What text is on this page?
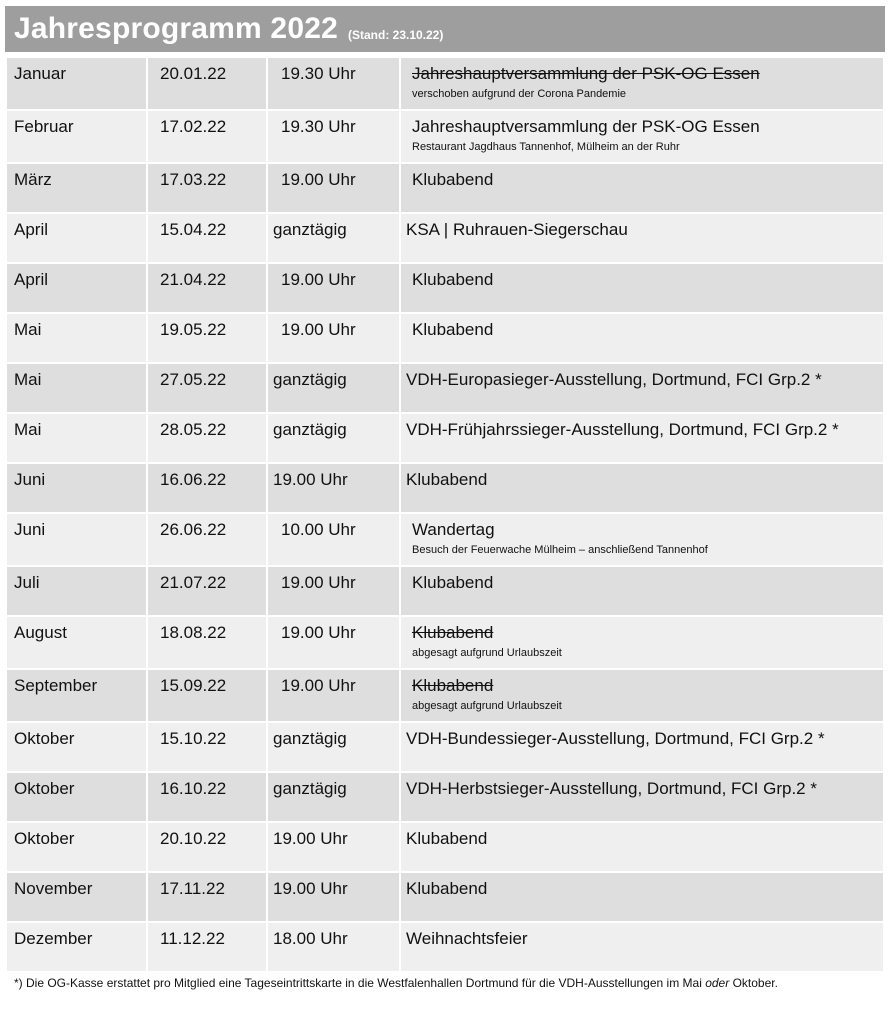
Jahresprogramm 2022 (Stand: 23.10.22)
Januar	20.01.22	19.30 Uhr	Jahreshauptversammlung der PSK-OG Essen
verschoben aufgrund der Corona Pandemie

Februar	17.02.22	19.30 Uhr	Jahreshauptversammlung der PSK-OG Essen
Restaurant Jagdhaus Tannenhof, Mülheim an der Ruhr

März	17.03.22	19.00 Uhr	Klubabend
April	15.04.22	ganztägig	KSA | Ruhrauen-Siegerschau
April	21.04.22	19.00 Uhr	Klubabend
Mai	19.05.22	19.00 Uhr	Klubabend
Mai	27.05.22	ganztägig	VDH-Europasieger-Ausstellung, Dortmund, FCI Grp.2 *
Mai	28.05.22	ganztägig	VDH-Frühjahrssieger-Ausstellung, Dortmund, FCI Grp.2 *
Juni	16.06.22	19.00 Uhr	Klubabend
Juni	26.06.22	10.00 Uhr	Wandertag
Besuch der Feuerwache Mülheim – anschließend Tannenhof

Juli	21.07.22	19.00 Uhr	Klubabend
August	18.08.22	19.00 Uhr	Klubabend
abgesagt aufgrund Urlaubszeit

September	15.09.22	19.00 Uhr	Klubabend
abgesagt aufgrund Urlaubszeit

Oktober	15.10.22	ganztägig	VDH-Bundessieger-Ausstellung, Dortmund, FCI Grp.2 *
Oktober	16.10.22	ganztägig	VDH-Herbstsieger-Ausstellung, Dortmund, FCI Grp.2 *
Oktober	20.10.22	19.00 Uhr	Klubabend
November	17.11.22	19.00 Uhr	Klubabend
Dezember	11.12.22	18.00 Uhr	Weihnachtsfeier
*) Die OG-Kasse erstattet pro Mitglied eine Tageseintrittskarte in die Westfalenhallen Dortmund für die VDH-Ausstellungen im Mai oder Oktober.
